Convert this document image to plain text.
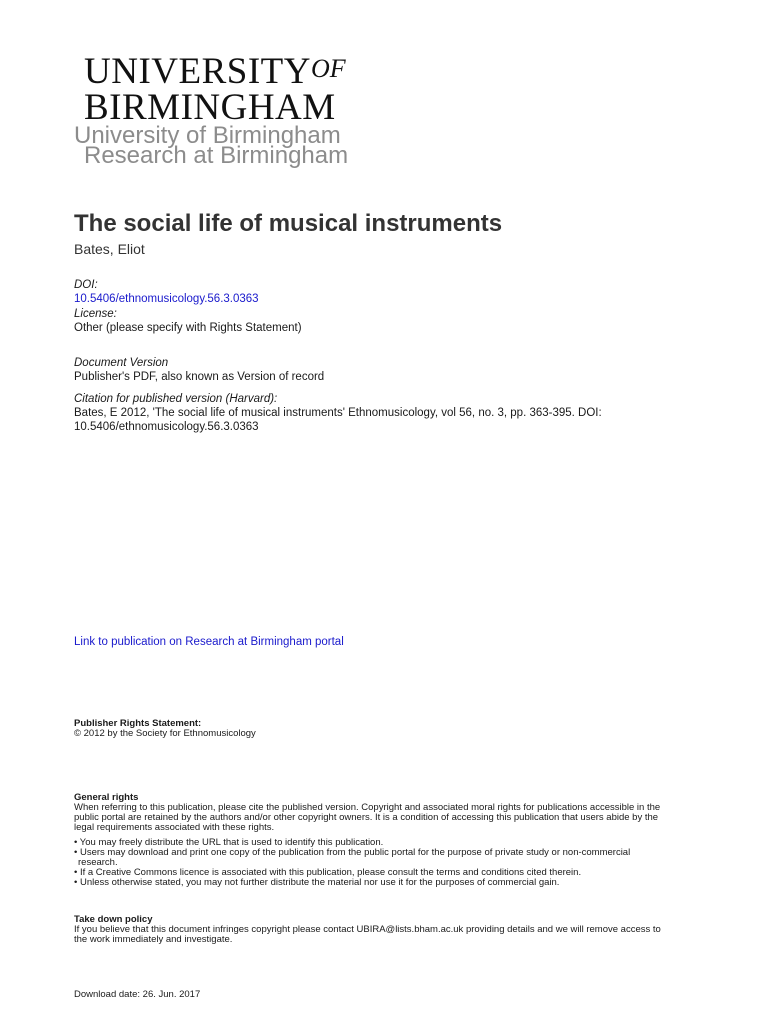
UNIVERSITYOF
BIRMINGHAM
University of Birmingham
Research at Birmingham
The social life of musical instruments
Bates, Eliot
DOI:
10.5406/ethnomusicology.56.3.0363
License:
Other (please specify with Rights Statement)
Document Version
Publisher's PDF, also known as Version of record
Citation for published version (Harvard):
Bates, E 2012, 'The social life of musical instruments' Ethnomusicology, vol 56, no. 3, pp. 363-395. DOI:
10.5406/ethnomusicology.56.3.0363
Link to publication on Research at Birmingham portal
Publisher Rights Statement:
© 2012 by the Society for Ethnomusicology
General rights
When referring to this publication, please cite the published version. Copyright and associated moral rights for publications accessible in the
public portal are retained by the authors and/or other copyright owners. It is a condition of accessing this publication that users abide by the
legal requirements associated with these rights.
• You may freely distribute the URL that is used to identify this publication.
• Users may download and print one copy of the publication from the public portal for the purpose of private study or non-commercial
research.
• If a Creative Commons licence is associated with this publication, please consult the terms and conditions cited therein.
• Unless otherwise stated, you may not further distribute the material nor use it for the purposes of commercial gain.
Take down policy
If you believe that this document infringes copyright please contact UBIRA@lists.bham.ac.uk providing details and we will remove access to
the work immediately and investigate.
Download date: 26. Jun. 2017
